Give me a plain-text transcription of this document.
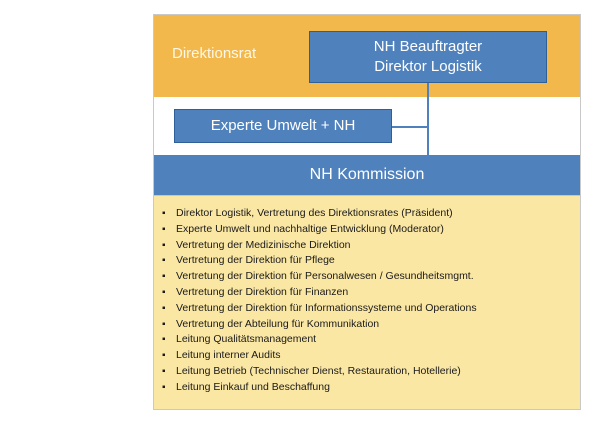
Direktionsrat	NH Beauftragter
Direktor Logistik
Experte Umwelt + NH
NH Kommission
▪ Direktor Logistik, Vertretung des Direktionsrates (Präsident)
▪ Experte Umwelt und nachhaltige Entwicklung (Moderator)
▪ Vertretung der Medizinische Direktion
▪ Vertretung der Direktion für Pflege
▪ Vertretung der Direktion für Personalwesen / Gesundheitsmgmt.
▪ Vertretung der Direktion für Finanzen
▪ Vertretung der Direktion für Informationssysteme und Operations
▪ Vertretung der Abteilung für Kommunikation
▪ Leitung Qualitätsmanagement
▪ Leitung interner Audits
▪ Leitung Betrieb (Technischer Dienst, Restauration, Hotellerie)
▪ Leitung Einkauf und Beschaffung
